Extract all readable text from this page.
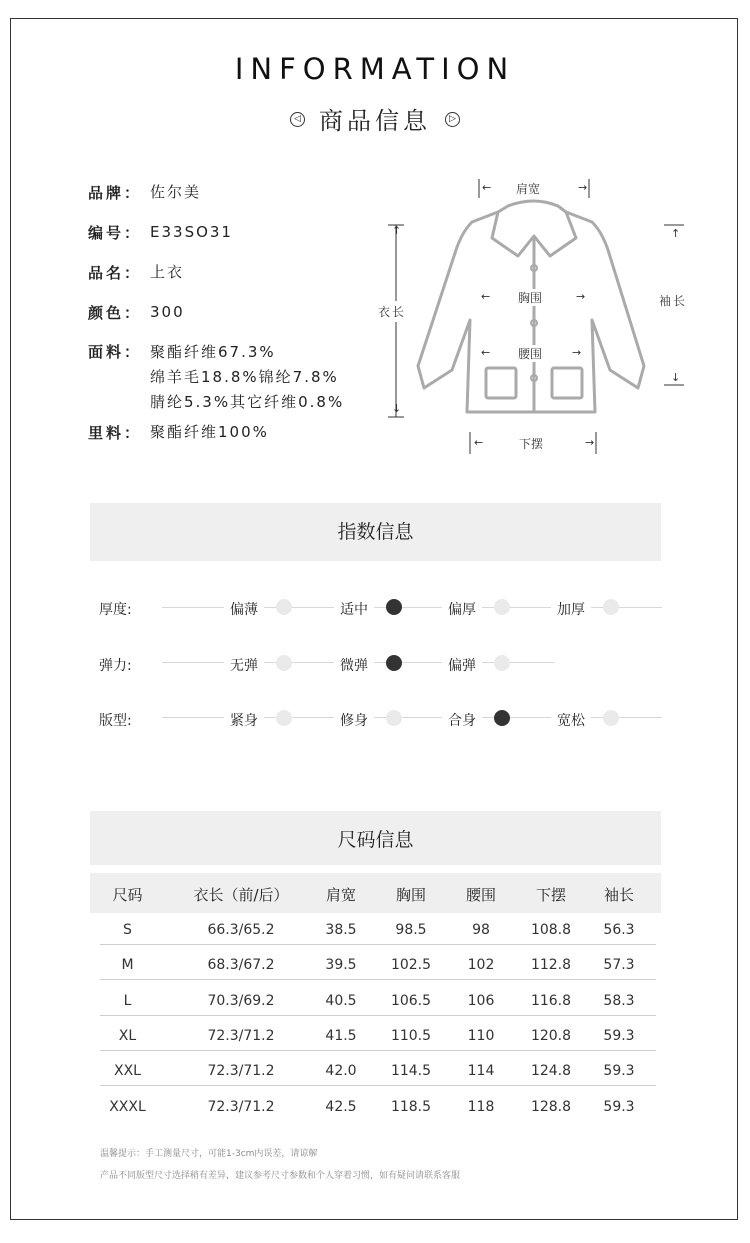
INFORMATION
◁ 商品信息 ▷
品牌： 佐尔美
编号： E33SO31
品名： 上衣
颜色： 300
面料： 聚酯纤维67.3%
绵羊毛18.8%锦纶7.8%
腈纶5.3%其它纤维0.8%
里料： 聚酯纤维100%
肩宽
←	→
胸围
←	→
腰围
←	→
衣长
↑
↓
袖长
↑
↓
下摆
←	→
指数信息
厚度:	偏薄	适中	偏厚	加厚
弹力:	无弹	微弹	偏弹
版型:	紧身	修身	合身	宽松
尺码信息
尺码	衣长（前/后）	肩宽	胸围	腰围	下摆	袖长
S	66.3/65.2	38.5	98.5	98	108.8	56.3
M	68.3/67.2	39.5	102.5	102	112.8	57.3
L	70.3/69.2	40.5	106.5	106	116.8	58.3
XL	72.3/71.2	41.5	110.5	110	120.8	59.3
XXL	72.3/71.2	42.0	114.5	114	124.8	59.3
XXXL	72.3/71.2	42.5	118.5	118	128.8	59.3
温馨提示：手工测量尺寸，可能1-3cm内误差，请谅解
产品不同版型尺寸选择稍有差异，建议参考尺寸参数和个人穿着习惯，如有疑问请联系客服
